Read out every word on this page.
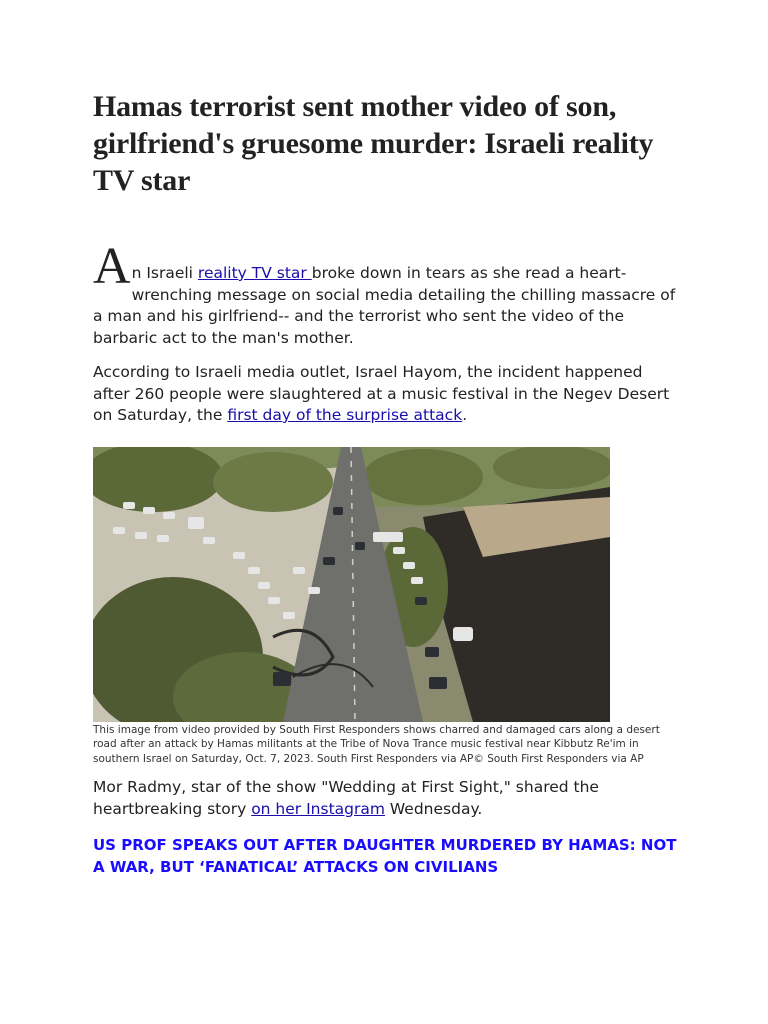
Hamas terrorist sent mother video of son, girlfriend's gruesome murder: Israeli reality TV star
A n Israeli reality TV star broke down in tears as she read a heart-wrenching message on social media detailing the chilling massacre of a man and his girlfriend-- and the terrorist who sent the video of the barbaric act to the man's mother.

According to Israeli media outlet, Israel Hayom, the incident happened after 260 people were slaughtered at a music festival in the Negev Desert on Saturday, the first day of the surprise attack.

This image from video provided by South First Responders shows charred and damaged cars along a desert road after an attack by Hamas militants at the Tribe of Nova Trance music festival near Kibbutz Re'im in southern Israel on Saturday, Oct. 7, 2023. South First Responders via AP© South First Responders via AP

Mor Radmy, star of the show "Wedding at First Sight," shared the heartbreaking story on her Instagram Wednesday.

US PROF SPEAKS OUT AFTER DAUGHTER MURDERED BY HAMAS: NOT A WAR, BUT ‘FANATICAL’ ATTACKS ON CIVILIANS
